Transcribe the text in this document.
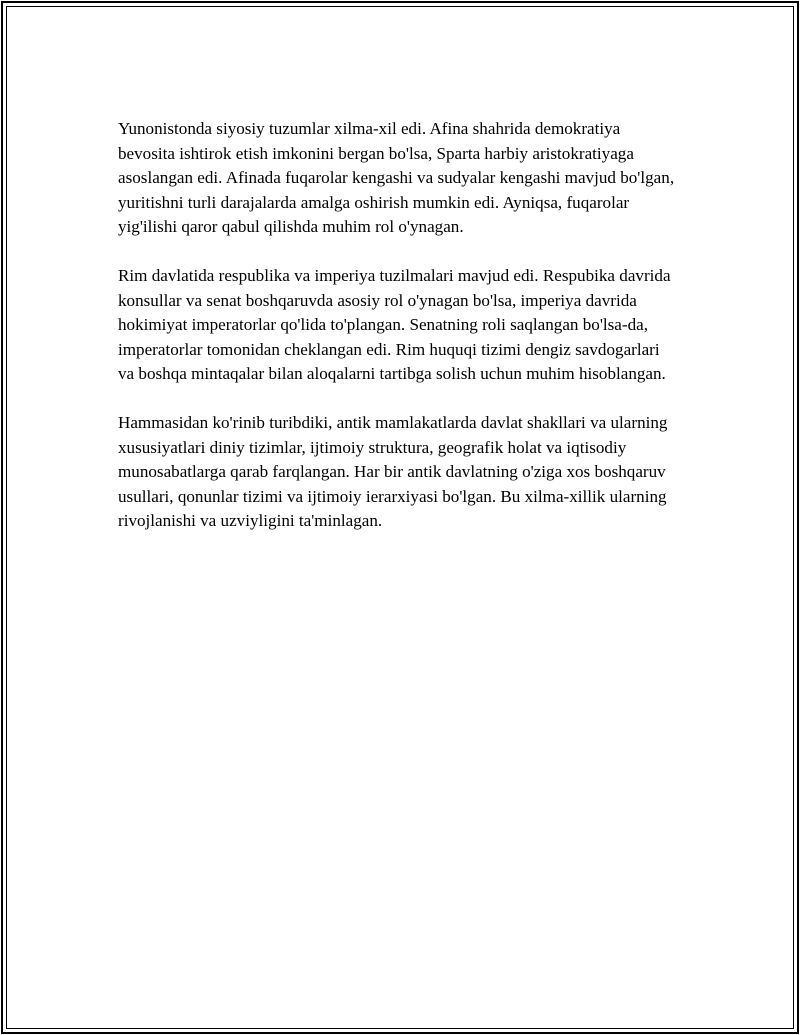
Yunonistonda siyosiy tuzumlar xilma-xil edi. Afina shahrida demokratiya bevosita ishtirok etish imkonini bergan bo'lsa, Sparta harbiy aristokratiyaga asoslangan edi. Afinada fuqarolar kengashi va sudyalar kengashi mavjud bo'lgan, yuritishni turli darajalarda amalga oshirish mumkin edi. Ayniqsa, fuqarolar yig'ilishi qaror qabul qilishda muhim rol o'ynagan.

Rim davlatida respublika va imperiya tuzilmalari mavjud edi. Respubika davrida konsullar va senat boshqaruvda asosiy rol o'ynagan bo'lsa, imperiya davrida hokimiyat imperatorlar qo'lida to'plangan. Senatning roli saqlangan bo'lsa-da, imperatorlar tomonidan cheklangan edi. Rim huquqi tizimi dengiz savdogarlari va boshqa mintaqalar bilan aloqalarni tartibga solish uchun muhim hisoblangan.

Hammasidan ko'rinib turibdiki, antik mamlakatlarda davlat shakllari va ularning xususiyatlari diniy tizimlar, ijtimoiy struktura, geografik holat va iqtisodiy munosabatlarga qarab farqlangan. Har bir antik davlatning o'ziga xos boshqaruv usullari, qonunlar tizimi va ijtimoiy ierarxiyasi bo'lgan. Bu xilma-xillik ularning rivojlanishi va uzviyligini ta'minlagan.
